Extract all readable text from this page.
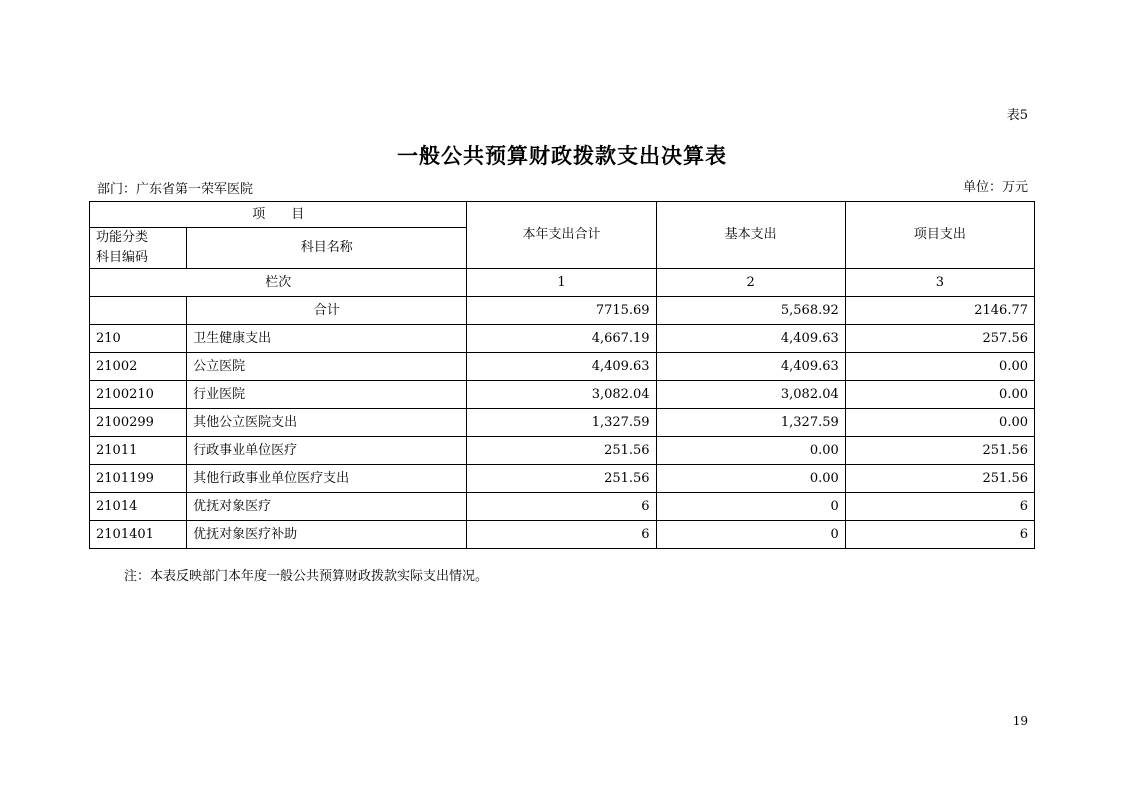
表5
一般公共预算财政拨款支出决算表
部门：广东省第一荣军医院	单位：万元
项　　目		本年支出合计	基本支出	项目支出
功能分类
科目编码	科目名称			
栏次		1	2	3
	合计	7715.69	5,568.92	2146.77
210	卫生健康支出	4,667.19	4,409.63	257.56
21002	公立医院	4,409.63	4,409.63	0.00
2100210	行业医院	3,082.04	3,082.04	0.00
2100299	其他公立医院支出	1,327.59	1,327.59	0.00
21011	行政事业单位医疗	251.56	0.00	251.56
2101199	其他行政事业单位医疗支出	251.56	0.00	251.56
21014	优抚对象医疗	6	0	6
2101401	优抚对象医疗补助	6	0	6
注：本表反映部门本年度一般公共预算财政拨款实际支出情况。
19
